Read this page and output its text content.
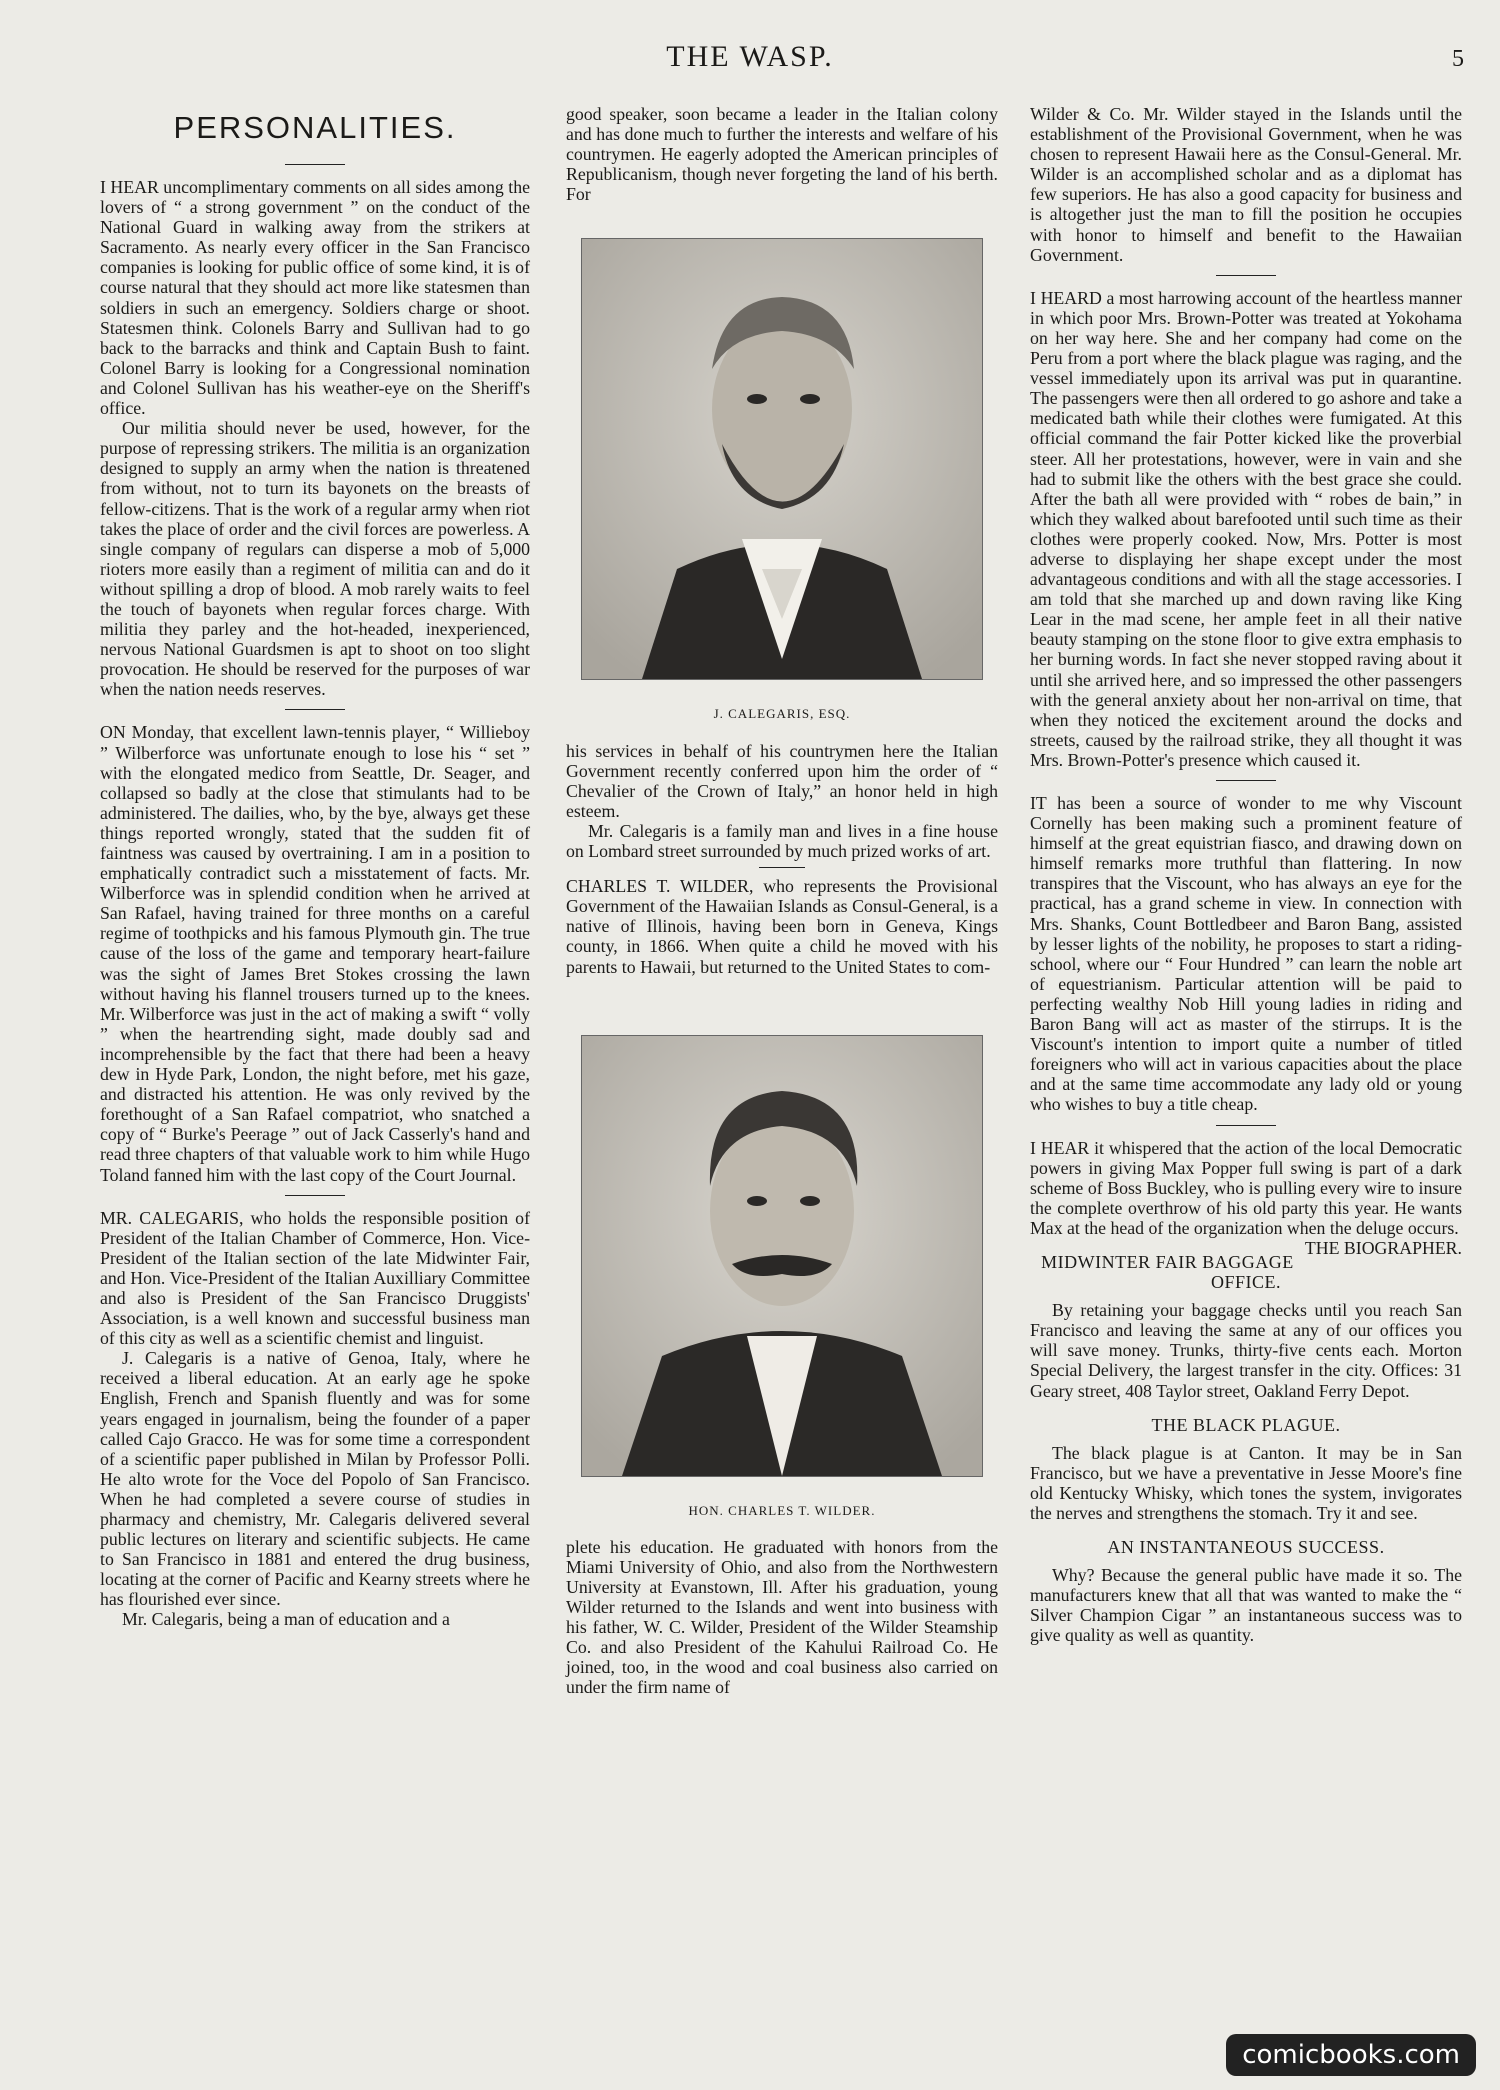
THE WASP.	5
PERSONALITIES.

I HEAR uncomplimentary comments on all sides among the lovers of “ a strong government ” on the conduct of the National Guard in walking away from the strikers at Sacramento. As nearly every officer in the San Francisco companies is looking for public office of some kind, it is of course natural that they should act more like statesmen than soldiers in such an emergency. Soldiers charge or shoot. Statesmen think. Colonels Barry and Sullivan had to go back to the barracks and think and Captain Bush to faint. Colonel Barry is looking for a Congressional nomination and Colonel Sullivan has his weather-eye on the Sheriff's office.

Our militia should never be used, however, for the purpose of repressing strikers. The militia is an organization designed to supply an army when the nation is threatened from without, not to turn its bayonets on the breasts of fellow-citizens. That is the work of a regular army when riot takes the place of order and the civil forces are powerless. A single company of regulars can disperse a mob of 5,000 rioters more easily than a regiment of militia can and do it without spilling a drop of blood. A mob rarely waits to feel the touch of bayonets when regular forces charge. With militia they parley and the hot-headed, inexperienced, nervous National Guardsmen is apt to shoot on too slight provocation. He should be reserved for the purposes of war when the nation needs reserves.

ON Monday, that excellent lawn-tennis player, “ Willieboy ” Wilberforce was unfortunate enough to lose his “ set ” with the elongated medico from Seattle, Dr. Seager, and collapsed so badly at the close that stimulants had to be administered. The dailies, who, by the bye, always get these things reported wrongly, stated that the sudden fit of faintness was caused by overtraining. I am in a position to emphatically contradict such a misstatement of facts. Mr. Wilberforce was in splendid condition when he arrived at San Rafael, having trained for three months on a careful regime of toothpicks and his famous Plymouth gin. The true cause of the loss of the game and temporary heart-failure was the sight of James Bret Stokes crossing the lawn without having his flannel trousers turned up to the knees. Mr. Wilberforce was just in the act of making a swift “ volly ” when the heartrending sight, made doubly sad and incomprehensible by the fact that there had been a heavy dew in Hyde Park, London, the night before, met his gaze, and distracted his attention. He was only revived by the forethought of a San Rafael compatriot, who snatched a copy of “ Burke's Peerage ” out of Jack Casserly's hand and read three chapters of that valuable work to him while Hugo Toland fanned him with the last copy of the Court Journal.

MR. CALEGARIS, who holds the responsible position of President of the Italian Chamber of Commerce, Hon. Vice-President of the Italian section of the late Midwinter Fair, and Hon. Vice-President of the Italian Auxilliary Committee and also is President of the San Francisco Druggists' Association, is a well known and successful business man of this city as well as a scientific chemist and linguist.

J. Calegaris is a native of Genoa, Italy, where he received a liberal education. At an early age he spoke English, French and Spanish fluently and was for some years engaged in journalism, being the founder of a paper called Cajo Gracco. He was for some time a correspondent of a scientific paper published in Milan by Professor Polli. He alto wrote for the Voce del Popolo of San Francisco. When he had completed a severe course of studies in pharmacy and chemistry, Mr. Calegaris delivered several public lectures on literary and scientific subjects. He came to San Francisco in 1881 and entered the drug business, locating at the corner of Pacific and Kearny streets where he has flourished ever since.

Mr. Calegaris, being a man of education and a

good speaker, soon became a leader in the Italian colony and has done much to further the interests and welfare of his countrymen. He eagerly adopted the American principles of Republicanism, though never forgeting the land of his berth. For

J. CALEGARIS, ESQ.

his services in behalf of his countrymen here the Italian Government recently conferred upon him the order of “ Chevalier of the Crown of Italy,” an honor held in high esteem.

Mr. Calegaris is a family man and lives in a fine house on Lombard street surrounded by much prized works of art.

CHARLES T. WILDER, who represents the Provisional Government of the Hawaiian Islands as Consul-General, is a native of Illinois, having been born in Geneva, Kings county, in 1866. When quite a child he moved with his parents to Hawaii, but returned to the United States to com-

HON. CHARLES T. WILDER.

plete his education. He graduated with honors from the Miami University of Ohio, and also from the Northwestern University at Evanstown, Ill. After his graduation, young Wilder returned to the Islands and went into business with his father, W. C. Wilder, President of the Wilder Steamship Co. and also President of the Kahului Railroad Co. He joined, too, in the wood and coal business also carried on under the firm name of

Wilder & Co. Mr. Wilder stayed in the Islands until the establishment of the Provisional Government, when he was chosen to represent Hawaii here as the Consul-General. Mr. Wilder is an accomplished scholar and as a diplomat has few superiors. He has also a good capacity for business and is altogether just the man to fill the position he occupies with honor to himself and benefit to the Hawaiian Government.

I HEARD a most harrowing account of the heartless manner in which poor Mrs. Brown-Potter was treated at Yokohama on her way here. She and her company had come on the Peru from a port where the black plague was raging, and the vessel immediately upon its arrival was put in quarantine. The passengers were then all ordered to go ashore and take a medicated bath while their clothes were fumigated. At this official command the fair Potter kicked like the proverbial steer. All her protestations, however, were in vain and she had to submit like the others with the best grace she could. After the bath all were provided with “ robes de bain,” in which they walked about barefooted until such time as their clothes were properly cooked. Now, Mrs. Potter is most adverse to displaying her shape except under the most advantageous conditions and with all the stage accessories. I am told that she marched up and down raving like King Lear in the mad scene, her ample feet in all their native beauty stamping on the stone floor to give extra emphasis to her burning words. In fact she never stopped raving about it until she arrived here, and so impressed the other passengers with the general anxiety about her non-arrival on time, that when they noticed the excitement around the docks and streets, caused by the railroad strike, they all thought it was Mrs. Brown-Potter's presence which caused it.

IT has been a source of wonder to me why Viscount Cornelly has been making such a prominent feature of himself at the great equistrian fiasco, and drawing down on himself remarks more truthful than flattering. In now transpires that the Viscount, who has always an eye for the practical, has a grand scheme in view. In connection with Mrs. Shanks, Count Bottledbeer and Baron Bang, assisted by lesser lights of the nobility, he proposes to start a riding-school, where our “ Four Hundred ” can learn the noble art of equestrianism. Particular attention will be paid to perfecting wealthy Nob Hill young ladies in riding and Baron Bang will act as master of the stirrups. It is the Viscount's intention to import quite a number of titled foreigners who will act in various capacities about the place and at the same time accommodate any lady old or young who wishes to buy a title cheap.

I HEAR it whispered that the action of the local Democratic powers in giving Max Popper full swing is part of a dark scheme of Boss Buckley, who is pulling every wire to insure the complete overthrow of his old party this year. He wants Max at the head of the organization when the deluge occurs.
THE BIOGRAPHER.

MIDWINTER FAIR BAGGAGE OFFICE.

By retaining your baggage checks until you reach San Francisco and leaving the same at any of our offices you will save money. Trunks, thirty-five cents each. Morton Special Delivery, the largest transfer in the city. Offices: 31 Geary street, 408 Taylor street, Oakland Ferry Depot.

THE BLACK PLAGUE.

The black plague is at Canton. It may be in San Francisco, but we have a preventative in Jesse Moore's fine old Kentucky Whisky, which tones the system, invigorates the nerves and strengthens the stomach. Try it and see.

AN INSTANTANEOUS SUCCESS.

Why? Because the general public have made it so. The manufacturers knew that all that was wanted to make the “ Silver Champion Cigar ” an instantaneous success was to give quality as well as quantity.

comicbooks.com
